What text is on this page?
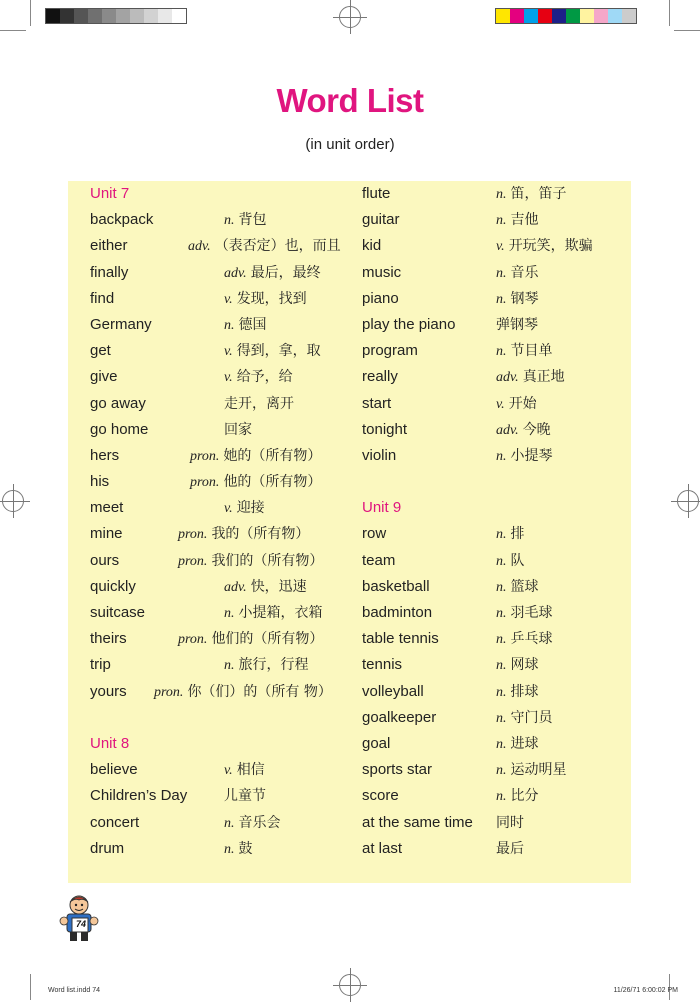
Word List
(in unit order)
Unit 7
backpack	n. 背包
either	adv. （表否定）也，而且
finally	adv. 最后，最终
find	v. 发现，找到
Germany	n. 德国
get	v. 得到，拿，取
give	v. 给予，给
go away	走开，离开
go home	回家
hers	pron. 她的（所有物）
his	pron. 他的（所有物）
meet	v. 迎接
mine	pron. 我的（所有物）
ours	pron. 我们的（所有物）
quickly	adv. 快，迅速
suitcase	n. 小提箱，衣箱
theirs	pron. 他们的（所有物）
trip	n. 旅行，行程
yours pron. 你（们）的（所有 物）
Unit 8
believe	v. 相信
Children’s Day	儿童节
concert	n. 音乐会
drum	n. 鼓
flute	n. 笛，笛子
guitar	n. 吉他
kid	v. 开玩笑，欺骗
music	n. 音乐
piano	n. 钢琴
play the piano	弹钢琴
program	n. 节目单
really	adv. 真正地
start	v. 开始
tonight	adv. 今晚
violin	n. 小提琴
Unit 9
row	n. 排
team	n. 队
basketball	n. 篮球
badminton	n. 羽毛球
table tennis	n. 乒乓球
tennis	n. 网球
volleyball	n. 排球
goalkeeper	n. 守门员
goal	n. 进球
sports star	n. 运动明星
score	n. 比分
at the same time 同时
at last	最后
74
Word list.indd 74	11/26/71 6:00:02 PM
